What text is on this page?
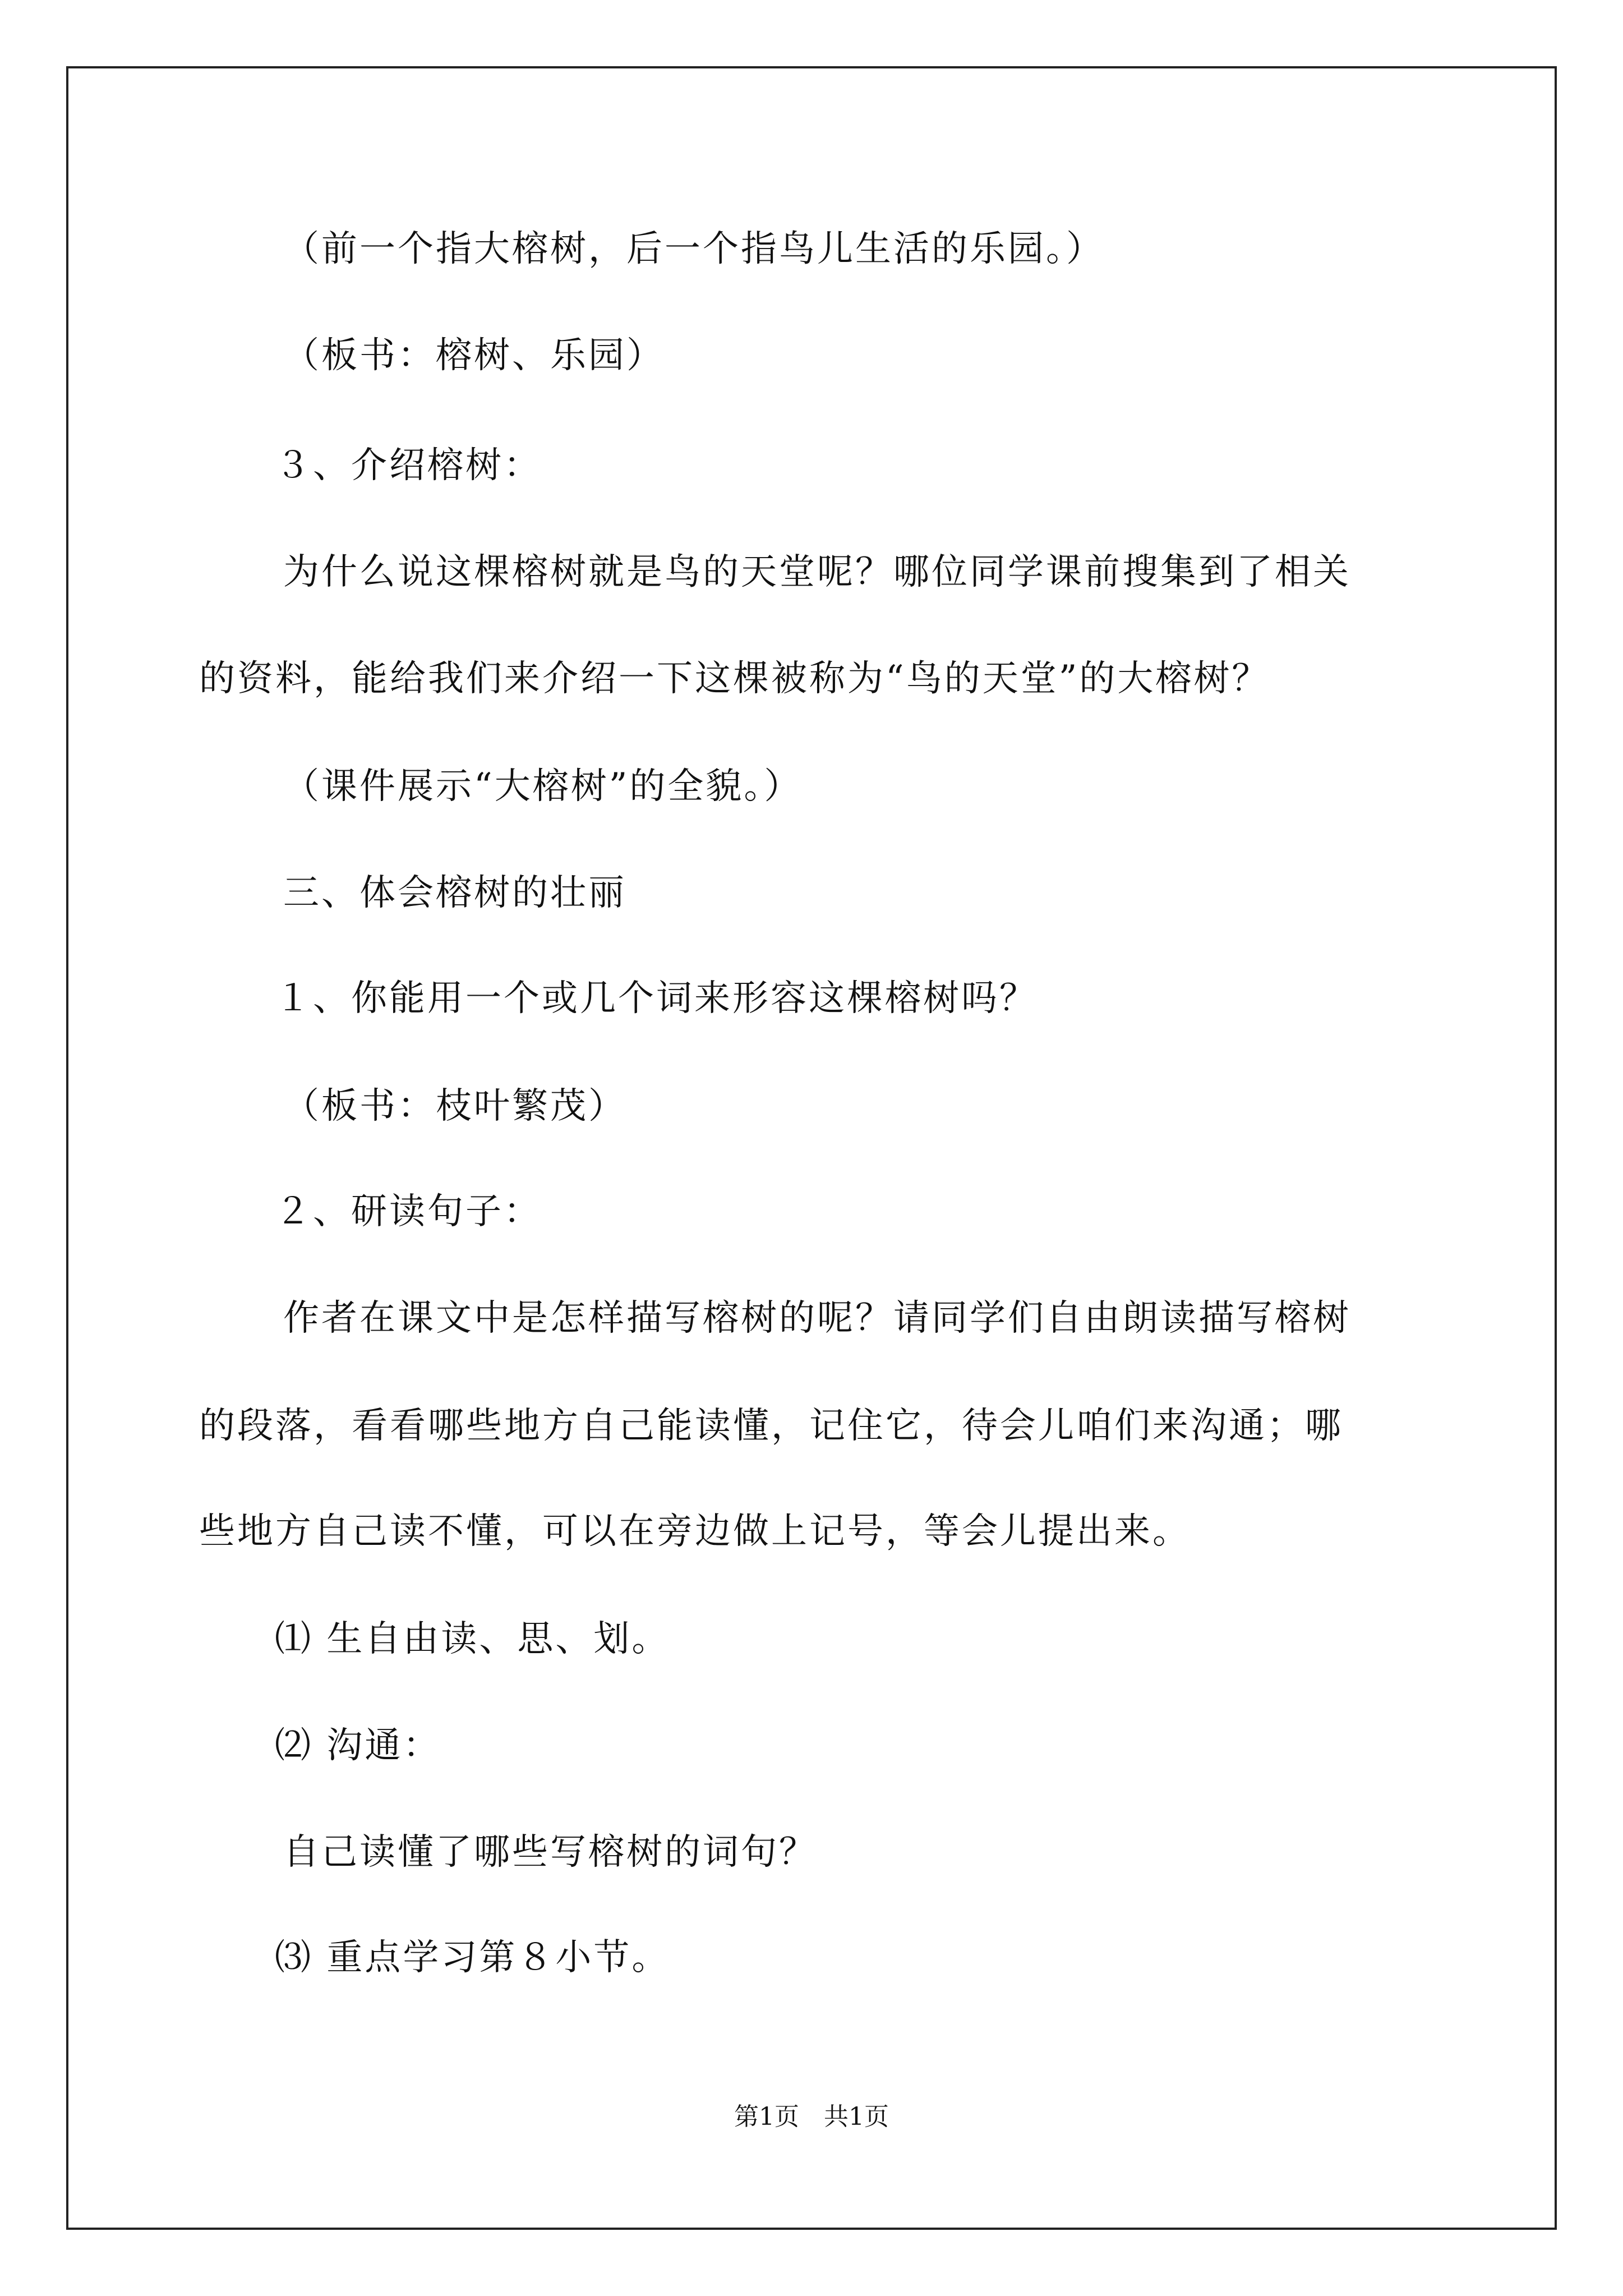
（前一个指大榕树，后一个指鸟儿生活的乐园。）
（板书：榕树、乐园）
３、介绍榕树：
为什么说这棵榕树就是鸟的天堂呢？哪位同学课前搜集到了相关
的资料，能给我们来介绍一下这棵被称为“鸟的天堂”的大榕树？
（课件展示“大榕树”的全貌。）
三、体会榕树的壮丽
１、你能用一个或几个词来形容这棵榕树吗？
（板书：枝叶繁茂）
２、研读句子：
作者在课文中是怎样描写榕树的呢？请同学们自由朗读描写榕树
的段落，看看哪些地方自己能读懂，记住它，待会儿咱们来沟通；哪
些地方自己读不懂，可以在旁边做上记号，等会儿提出来。
⑴ 生自由读、思、划。
⑵ 沟通：
自己读懂了哪些写榕树的词句？
⑶ 重点学习第８小节。
第1页　共1页
